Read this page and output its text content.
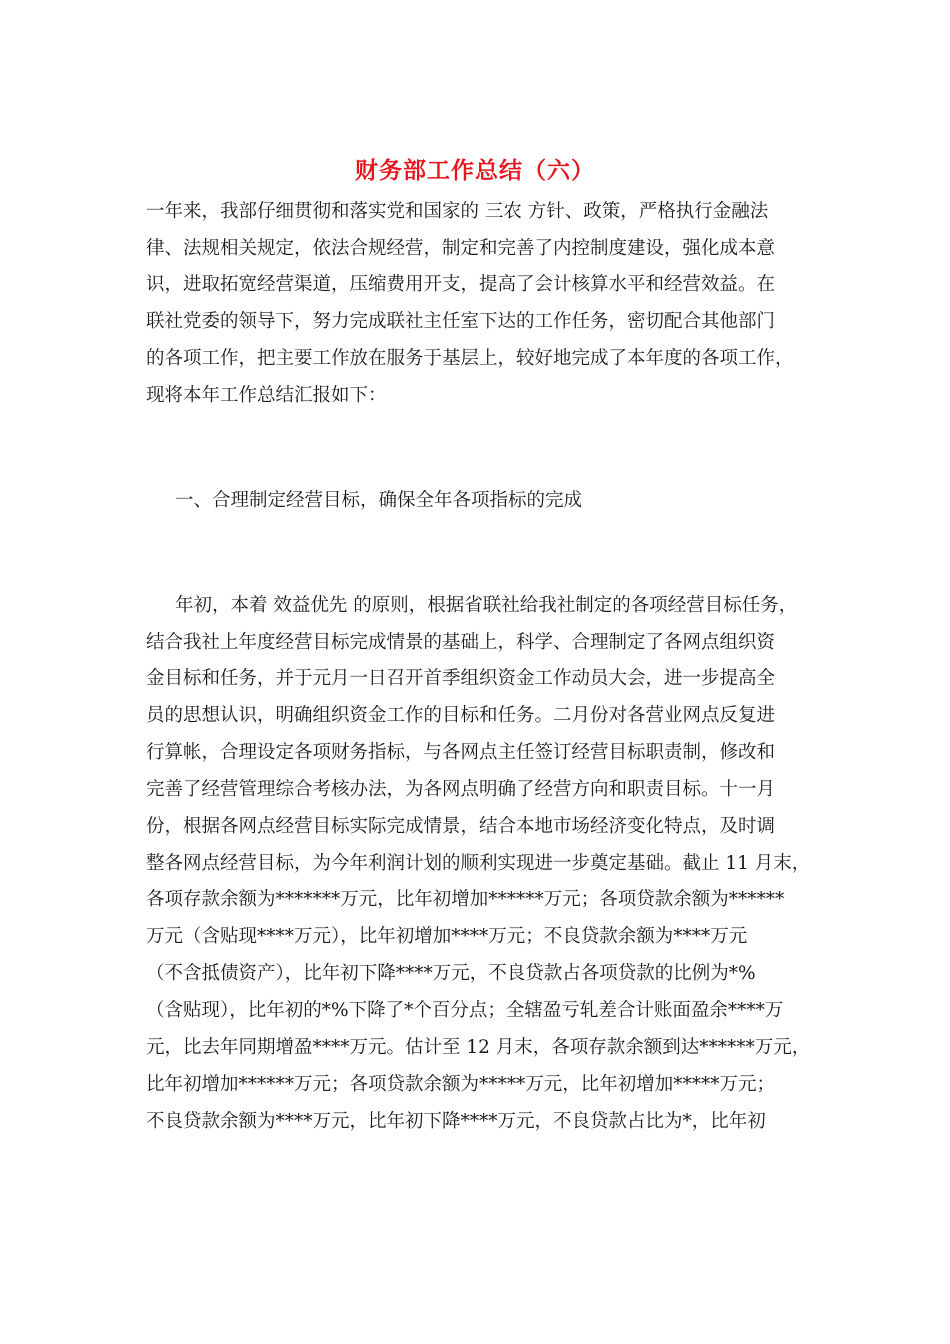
财务部工作总结（六）
一年来，我部仔细贯彻和落实党和国家的 三农 方针、政策，严格执行金融法
律、法规相关规定，依法合规经营，制定和完善了内控制度建设，强化成本意
识，进取拓宽经营渠道，压缩费用开支，提高了会计核算水平和经营效益。在
联社党委的领导下，努力完成联社主任室下达的工作任务，密切配合其他部门
的各项工作，把主要工作放在服务于基层上，较好地完成了本年度的各项工作，
现将本年工作总结汇报如下：
一、合理制定经营目标，确保全年各项指标的完成
年初，本着 效益优先 的原则，根据省联社给我社制定的各项经营目标任务，
结合我社上年度经营目标完成情景的基础上，科学、合理制定了各网点组织资
金目标和任务，并于元月一日召开首季组织资金工作动员大会，进一步提高全
员的思想认识，明确组织资金工作的目标和任务。二月份对各营业网点反复进
行算帐，合理设定各项财务指标，与各网点主任签订经营目标职责制，修改和
完善了经营管理综合考核办法，为各网点明确了经营方向和职责目标。十一月
份，根据各网点经营目标实际完成情景，结合本地市场经济变化特点，及时调
整各网点经营目标，为今年利润计划的顺利实现进一步奠定基础。截止 11 月末，
各项存款余额为*******万元，比年初增加******万元；各项贷款余额为******
万元（含贴现****万元），比年初增加****万元；不良贷款余额为****万元
（不含抵债资产），比年初下降****万元，不良贷款占各项贷款的比例为*%
（含贴现），比年初的*%下降了*个百分点；全辖盈亏轧差合计账面盈余****万
元，比去年同期增盈****万元。估计至 12 月末，各项存款余额到达******万元，
比年初增加******万元；各项贷款余额为*****万元，比年初增加*****万元；
不良贷款余额为****万元，比年初下降****万元，不良贷款占比为*，比年初
